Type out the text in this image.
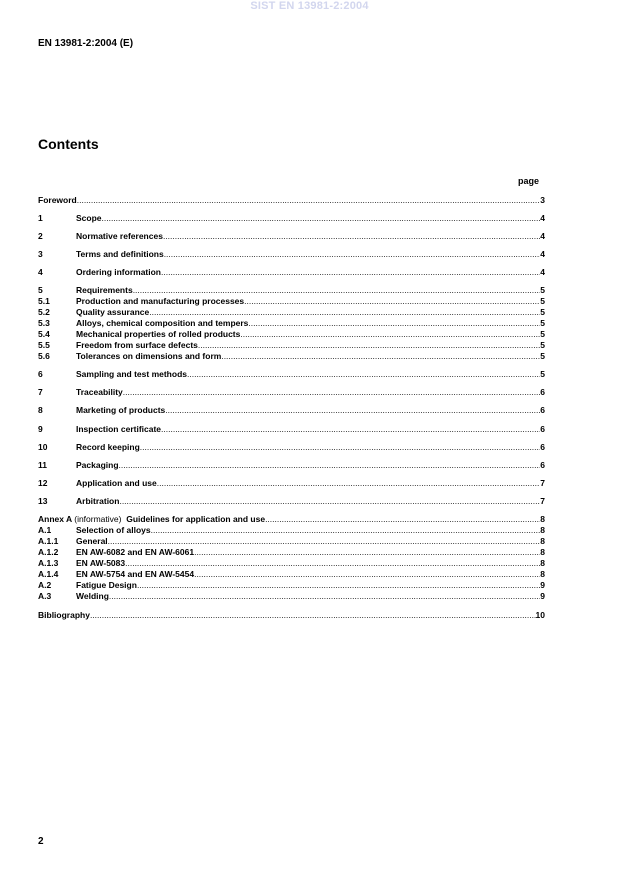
SIST EN 13981-2:2004
EN 13981-2:2004 (E)
Contents
page
Foreword .....	3
1	Scope .....	4
2	Normative references .....	4
3	Terms and definitions .....	4
4	Ordering information .....	4
5	Requirements .....	5
5.1	Production and manufacturing processes .....	5
5.2	Quality assurance .....	5
5.3	Alloys, chemical composition and tempers .....	5
5.4	Mechanical properties of rolled products .....	5
5.5	Freedom from surface defects .....	5
5.6	Tolerances on dimensions and form .....	5
6	Sampling and test methods .....	5
7	Traceability .....	6
8	Marketing of products .....	6
9	Inspection certificate .....	6
10	Record keeping .....	6
11	Packaging .....	6
12	Application and use .....	7
13	Arbitration .....	7
Annex A (informative) Guidelines for application and use .....	8
A.1	Selection of alloys .....	8
A.1.1	General .....	8
A.1.2	EN AW-6082 and EN AW-6061 .....	8
A.1.3	EN AW-5083 .....	8
A.1.4	EN AW-5754 and EN AW-5454 .....	8
A.2	Fatigue Design .....	9
A.3	Welding .....	9
Bibliography .....	10
2
